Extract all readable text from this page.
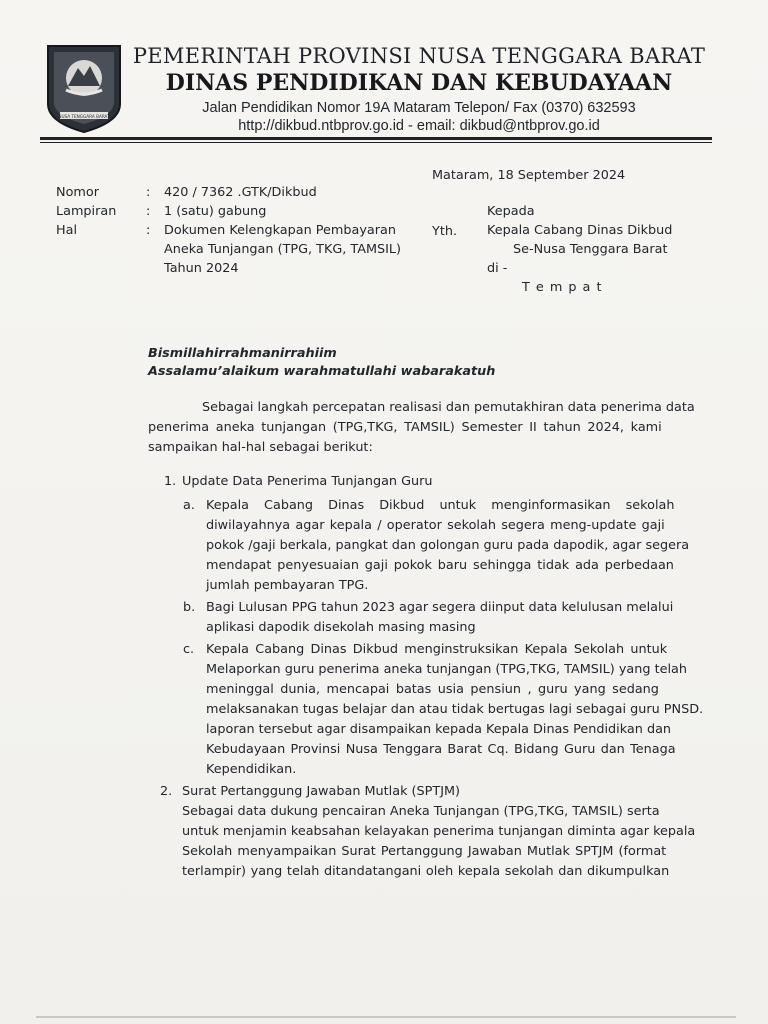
NUSA TENGGARA BARAT
PEMERINTAH PROVINSI NUSA TENGGARA BARAT
DINAS PENDIDIKAN DAN KEBUDAYAAN
Jalan Pendidikan Nomor 19A Mataram Telepon/ Fax (0370) 632593
http://dikbud.ntbprov.go.id - email: dikbud@ntbprov.go.id
Mataram, 18 September 2024
Nomor	: 420 / 7362 .GTK/Dikbud
Lampiran : 1 (satu) gabung
Hal	: Dokumen Kelengkapan Pembayaran
Aneka Tunjangan (TPG, TKG, TAMSIL)
Tahun 2024
Kepada
Yth. Kepala Cabang Dinas Dikbud
Se-Nusa Tenggara Barat
di -
T e m p a t
Bismillahirrahmanirrahiim
Assalamu’alaikum warahmatullahi wabarakatuh
Sebagai langkah percepatan realisasi dan pemutakhiran data penerima data
penerima aneka tunjangan (TPG,TKG, TAMSIL) Semester II tahun 2024, kami
sampaikan hal-hal sebagai berikut:
1. Update Data Penerima Tunjangan Guru
a. Kepala Cabang Dinas Dikbud untuk menginformasikan sekolah
diwilayahnya agar kepala / operator sekolah segera meng-update gaji
pokok /gaji berkala, pangkat dan golongan guru pada dapodik, agar segera
mendapat penyesuaian gaji pokok baru sehingga tidak ada perbedaan
jumlah pembayaran TPG.
b. Bagi Lulusan PPG tahun 2023 agar segera diinput data kelulusan melalui
aplikasi dapodik disekolah masing masing
c. Kepala Cabang Dinas Dikbud menginstruksikan Kepala Sekolah untuk
Melaporkan guru penerima aneka tunjangan (TPG,TKG, TAMSIL) yang telah
meninggal dunia, mencapai batas usia pensiun , guru yang sedang
melaksanakan tugas belajar dan atau tidak bertugas lagi sebagai guru PNSD.
laporan tersebut agar disampaikan kepada Kepala Dinas Pendidikan dan
Kebudayaan Provinsi Nusa Tenggara Barat Cq. Bidang Guru dan Tenaga
Kependidikan.
2. Surat Pertanggung Jawaban Mutlak (SPTJM)
Sebagai data dukung pencairan Aneka Tunjangan (TPG,TKG, TAMSIL) serta
untuk menjamin keabsahan kelayakan penerima tunjangan diminta agar kepala
Sekolah menyampaikan Surat Pertanggung Jawaban Mutlak SPTJM (format
terlampir) yang telah ditandatangani oleh kepala sekolah dan dikumpulkan
